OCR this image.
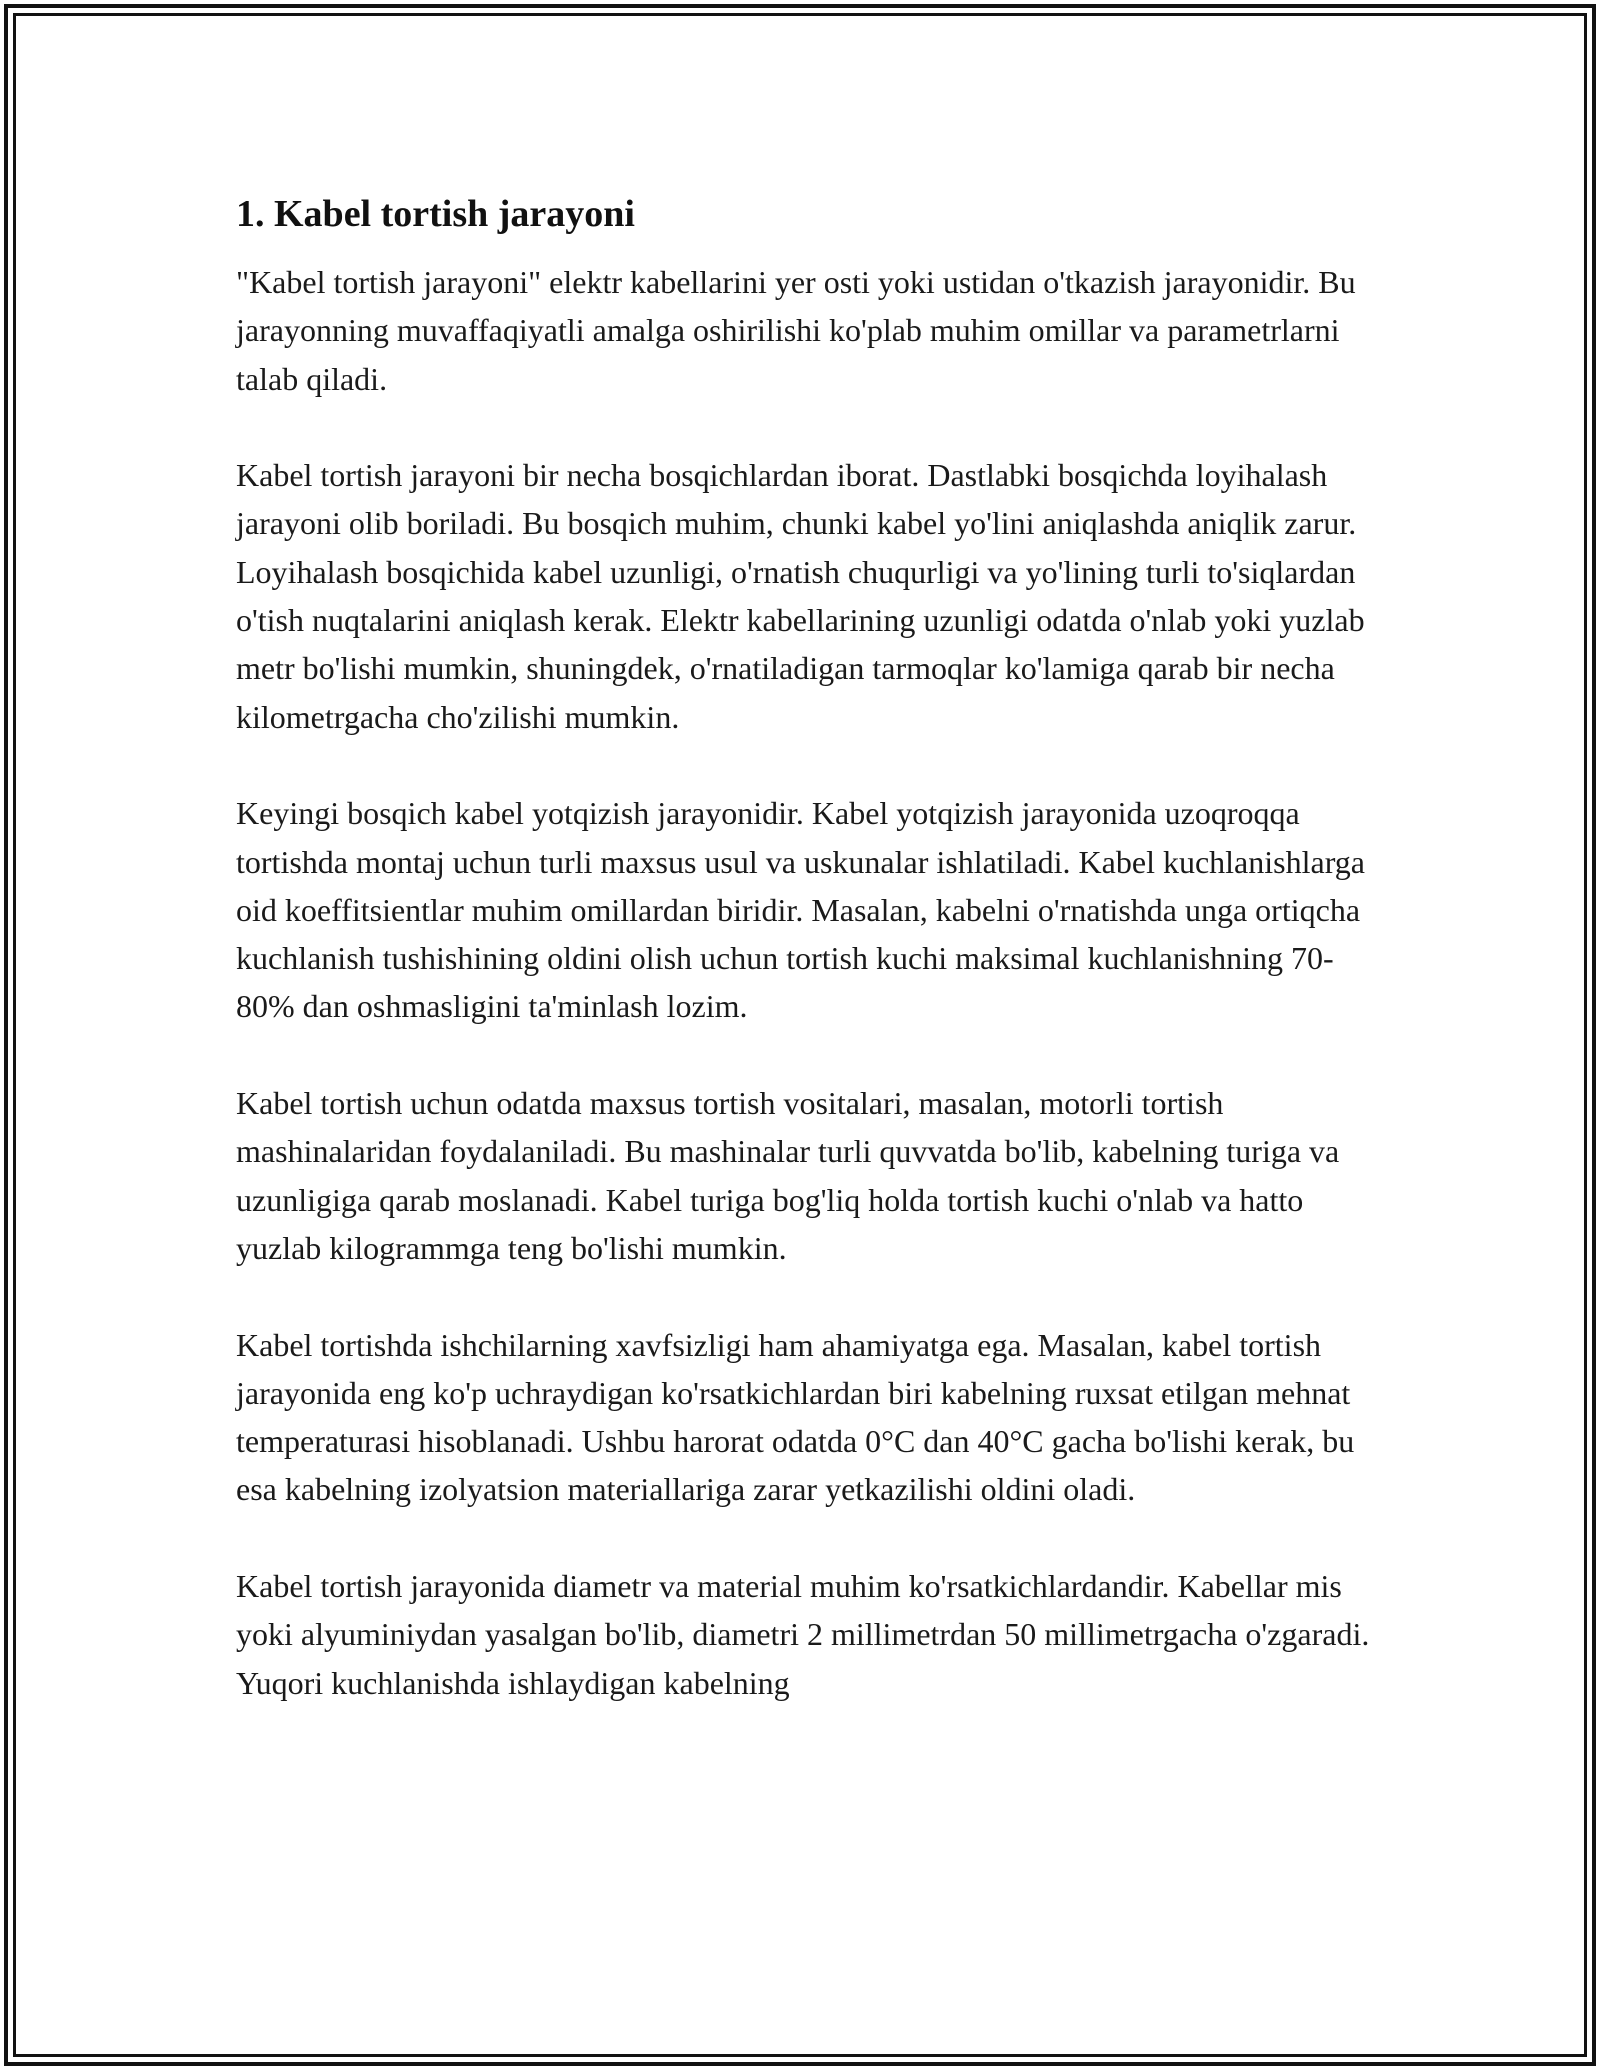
1. Kabel tortish jarayoni

"Kabel tortish jarayoni" elektr kabellarini yer osti yoki ustidan o'tkazish jarayonidir. Bu jarayonning muvaffaqiyatli amalga oshirilishi ko'plab muhim omillar va parametrlarni talab qiladi.

Kabel tortish jarayoni bir necha bosqichlardan iborat. Dastlabki bosqichda loyihalash jarayoni olib boriladi. Bu bosqich muhim, chunki kabel yo'lini aniqlashda aniqlik zarur. Loyihalash bosqichida kabel uzunligi, o'rnatish chuqurligi va yo'lining turli to'siqlardan o'tish nuqtalarini aniqlash kerak. Elektr kabellarining uzunligi odatda o'nlab yoki yuzlab metr bo'lishi mumkin, shuningdek, o'rnatiladigan tarmoqlar ko'lamiga qarab bir necha kilometrgacha cho'zilishi mumkin.

Keyingi bosqich kabel yotqizish jarayonidir. Kabel yotqizish jarayonida uzoqroqqa tortishda montaj uchun turli maxsus usul va uskunalar ishlatiladi. Kabel kuchlanishlarga oid koeffitsientlar muhim omillardan biridir. Masalan, kabelni o'rnatishda unga ortiqcha kuchlanish tushishining oldini olish uchun tortish kuchi maksimal kuchlanishning 70-80% dan oshmasligini ta'minlash lozim.

Kabel tortish uchun odatda maxsus tortish vositalari, masalan, motorli tortish mashinalaridan foydalaniladi. Bu mashinalar turli quvvatda bo'lib, kabelning turiga va uzunligiga qarab moslanadi. Kabel turiga bog'liq holda tortish kuchi o'nlab va hatto yuzlab kilogrammga teng bo'lishi mumkin.

Kabel tortishda ishchilarning xavfsizligi ham ahamiyatga ega. Masalan, kabel tortish jarayonida eng ko'p uchraydigan ko'rsatkichlardan biri kabelning ruxsat etilgan mehnat temperaturasi hisoblanadi. Ushbu harorat odatda 0°C dan 40°C gacha bo'lishi kerak, bu esa kabelning izolyatsion materiallariga zarar yetkazilishi oldini oladi.

Kabel tortish jarayonida diametr va material muhim ko'rsatkichlardandir. Kabellar mis yoki alyuminiydan yasalgan bo'lib, diametri 2 millimetrdan 50 millimetrgacha o'zgaradi. Yuqori kuchlanishda ishlaydigan kabelning
